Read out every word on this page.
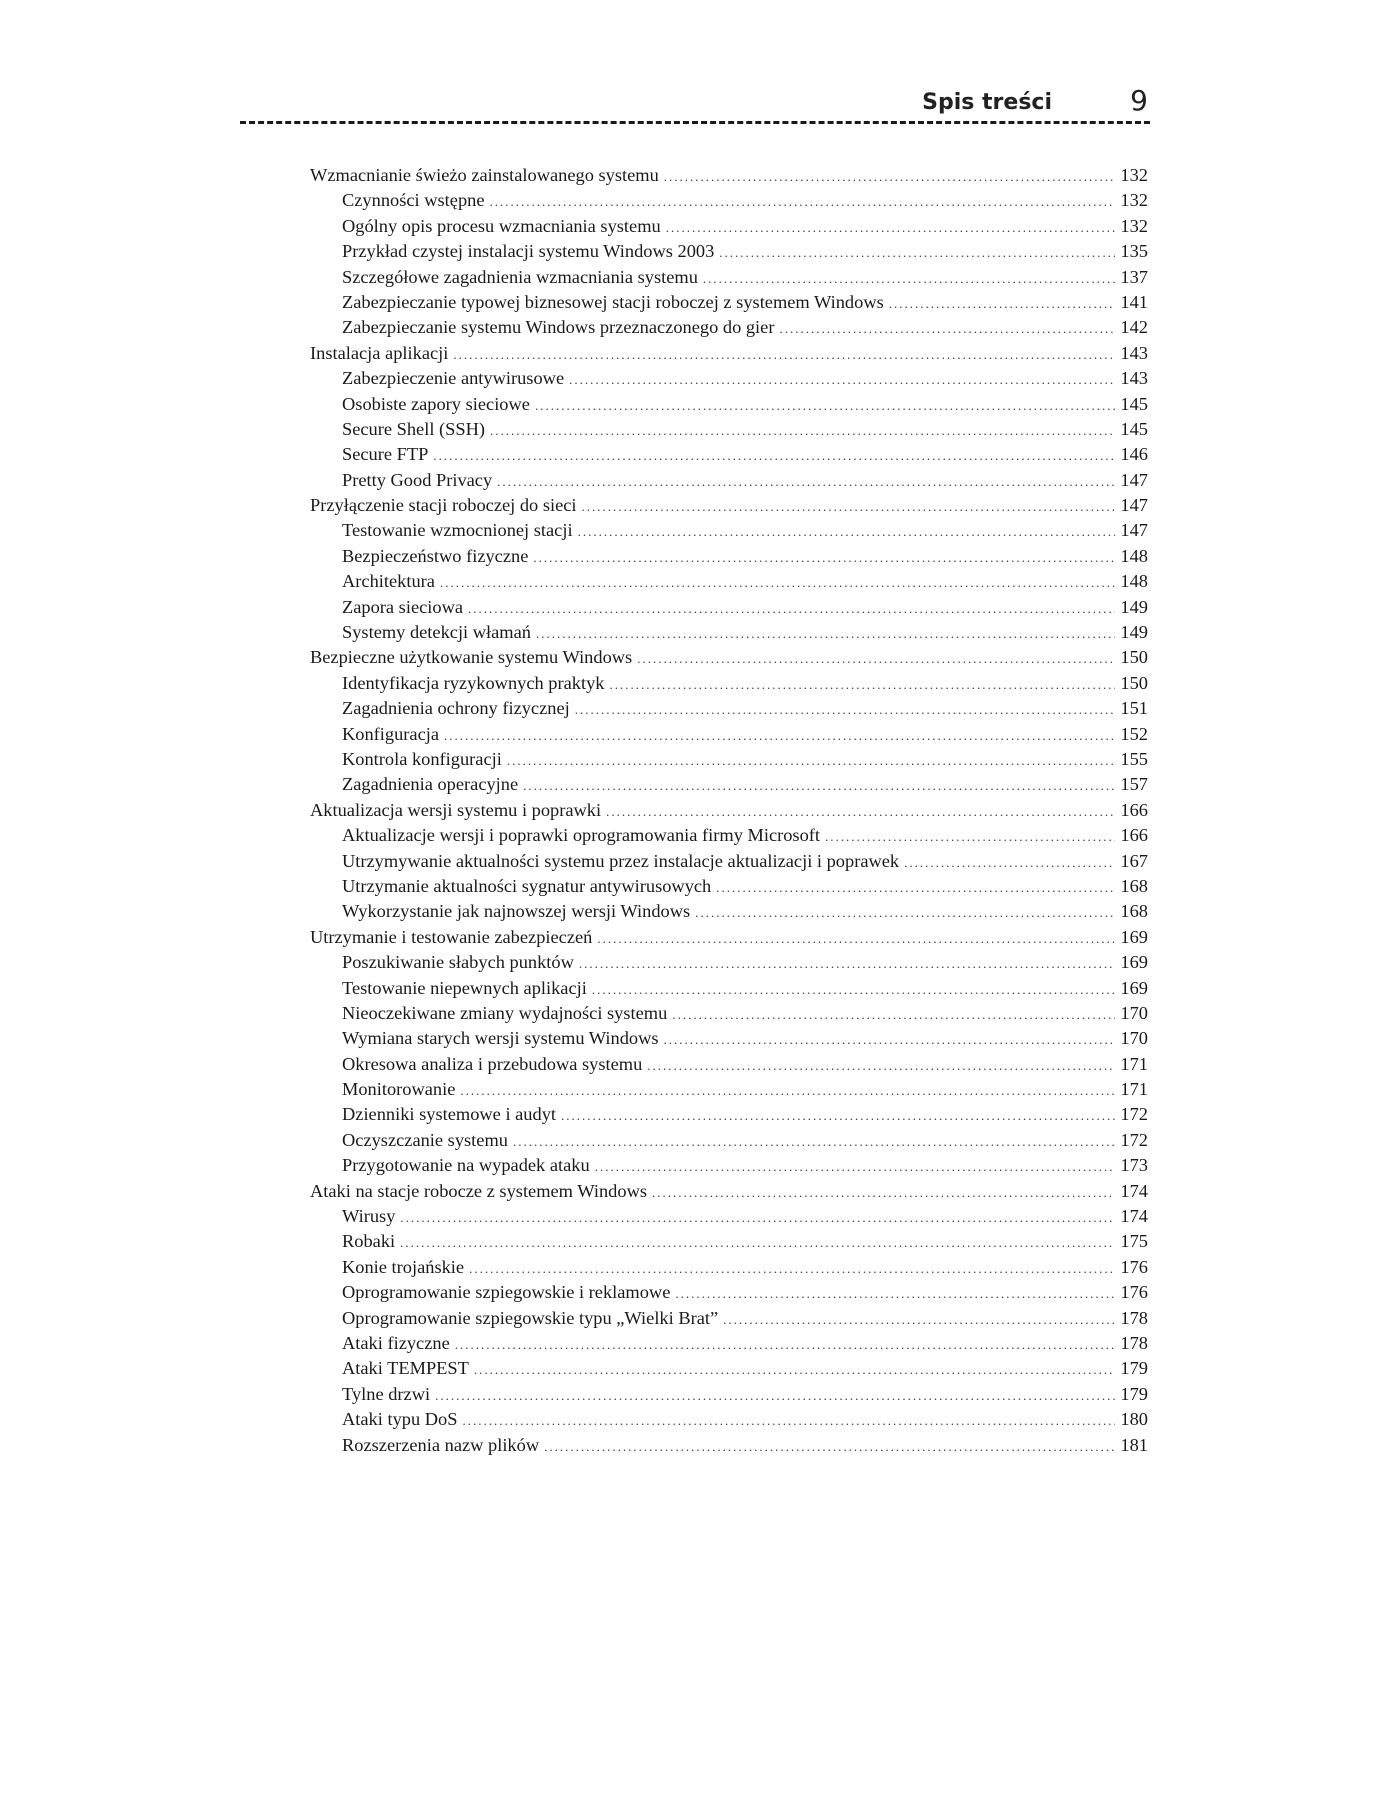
Spis treści	9
Wzmacnianie świeżo zainstalowanego systemu .....	132
Czynności wstępne .....	132
Ogólny opis procesu wzmacniania systemu .....	132
Przykład czystej instalacji systemu Windows 2003 .....	135
Szczegółowe zagadnienia wzmacniania systemu .....	137
Zabezpieczanie typowej biznesowej stacji roboczej z systemem Windows .....	141
Zabezpieczanie systemu Windows przeznaczonego do gier .....	142
Instalacja aplikacji .....	143
Zabezpieczenie antywirusowe .....	143
Osobiste zapory sieciowe .....	145
Secure Shell (SSH) .....	145
Secure FTP .....	146
Pretty Good Privacy .....	147
Przyłączenie stacji roboczej do sieci .....	147
Testowanie wzmocnionej stacji .....	147
Bezpieczeństwo fizyczne .....	148
Architektura .....	148
Zapora sieciowa .....	149
Systemy detekcji włamań .....	149
Bezpieczne użytkowanie systemu Windows .....	150
Identyfikacja ryzykownych praktyk .....	150
Zagadnienia ochrony fizycznej .....	151
Konfiguracja .....	152
Kontrola konfiguracji .....	155
Zagadnienia operacyjne .....	157
Aktualizacja wersji systemu i poprawki .....	166
Aktualizacje wersji i poprawki oprogramowania firmy Microsoft .....	166
Utrzymywanie aktualności systemu przez instalacje aktualizacji i poprawek .....	167
Utrzymanie aktualności sygnatur antywirusowych .....	168
Wykorzystanie jak najnowszej wersji Windows .....	168
Utrzymanie i testowanie zabezpieczeń .....	169
Poszukiwanie słabych punktów .....	169
Testowanie niepewnych aplikacji .....	169
Nieoczekiwane zmiany wydajności systemu .....	170
Wymiana starych wersji systemu Windows .....	170
Okresowa analiza i przebudowa systemu .....	171
Monitorowanie .....	171
Dzienniki systemowe i audyt .....	172
Oczyszczanie systemu .....	172
Przygotowanie na wypadek ataku .....	173
Ataki na stacje robocze z systemem Windows .....	174
Wirusy .....	174
Robaki .....	175
Konie trojańskie .....	176
Oprogramowanie szpiegowskie i reklamowe .....	176
Oprogramowanie szpiegowskie typu „Wielki Brat” .....	178
Ataki fizyczne .....	178
Ataki TEMPEST .....	179
Tylne drzwi .....	179
Ataki typu DoS .....	180
Rozszerzenia nazw plików .....	181
